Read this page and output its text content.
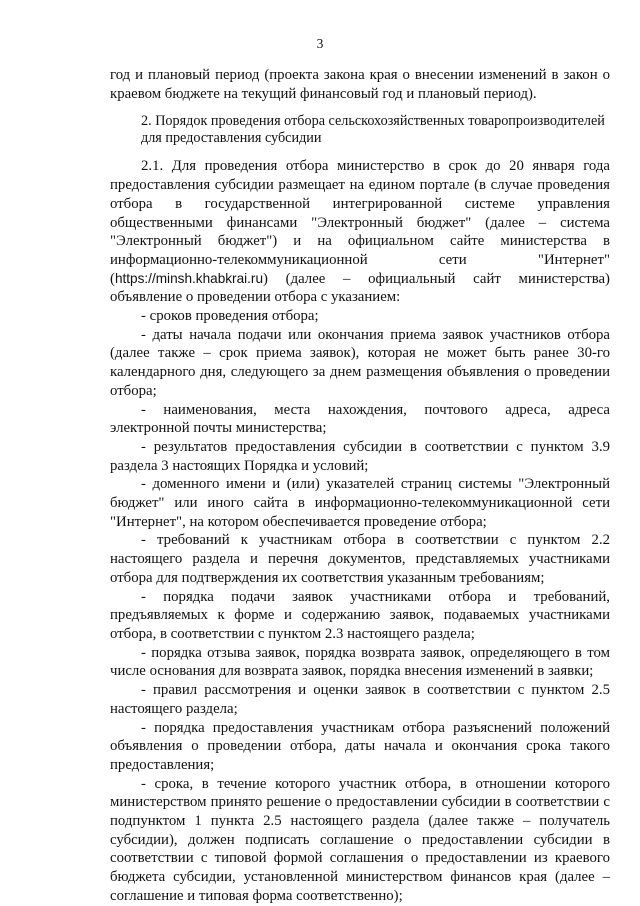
3

год и плановый период (проекта закона края о внесении изменений в закон о краевом бюджете на текущий финансовый год и плановый период).

2. Порядок проведения отбора сельскохозяйственных товаропроизводителей для предоставления субсидии

2.1. Для проведения отбора министерство в срок до 20 января года предоставления субсидии размещает на едином портале (в случае проведения отбора в государственной интегрированной системе управления общественными финансами "Электронный бюджет" (далее – система "Электронный бюджет") и на официальном сайте министерства в информационно-телекоммуникационной сети "Интернет" (https://minsh.khabkrai.ru) (далее – официальный сайт министерства) объявление о проведении отбора с указанием:

- сроков проведения отбора;

- даты начала подачи или окончания приема заявок участников отбора (далее также – срок приема заявок), которая не может быть ранее 30-го календарного дня, следующего за днем размещения объявления о проведении отбора;

- наименования, места нахождения, почтового адреса, адреса электронной почты министерства;

- результатов предоставления субсидии в соответствии с пунктом 3.9 раздела 3 настоящих Порядка и условий;

- доменного имени и (или) указателей страниц системы "Электронный бюджет" или иного сайта в информационно-телекоммуникационной сети "Интернет", на котором обеспечивается проведение отбора;

- требований к участникам отбора в соответствии с пунктом 2.2 настоящего раздела и перечня документов, представляемых участниками отбора для подтверждения их соответствия указанным требованиям;

- порядка подачи заявок участниками отбора и требований, предъявляемых к форме и содержанию заявок, подаваемых участниками отбора, в соответствии с пунктом 2.3 настоящего раздела;

- порядка отзыва заявок, порядка возврата заявок, определяющего в том числе основания для возврата заявок, порядка внесения изменений в заявки;

- правил рассмотрения и оценки заявок в соответствии с пунктом 2.5 настоящего раздела;

- порядка предоставления участникам отбора разъяснений положений объявления о проведении отбора, даты начала и окончания срока такого предоставления;

- срока, в течение которого участник отбора, в отношении которого министерством принято решение о предоставлении субсидии в соответствии с подпунктом 1 пункта 2.5 настоящего раздела (далее также – получатель субсидии), должен подписать соглашение о предоставлении субсидии в соответствии с типовой формой соглашения о предоставлении из краевого бюджета субсидии, установленной министерством финансов края (далее – соглашение и типовая форма соответственно);
